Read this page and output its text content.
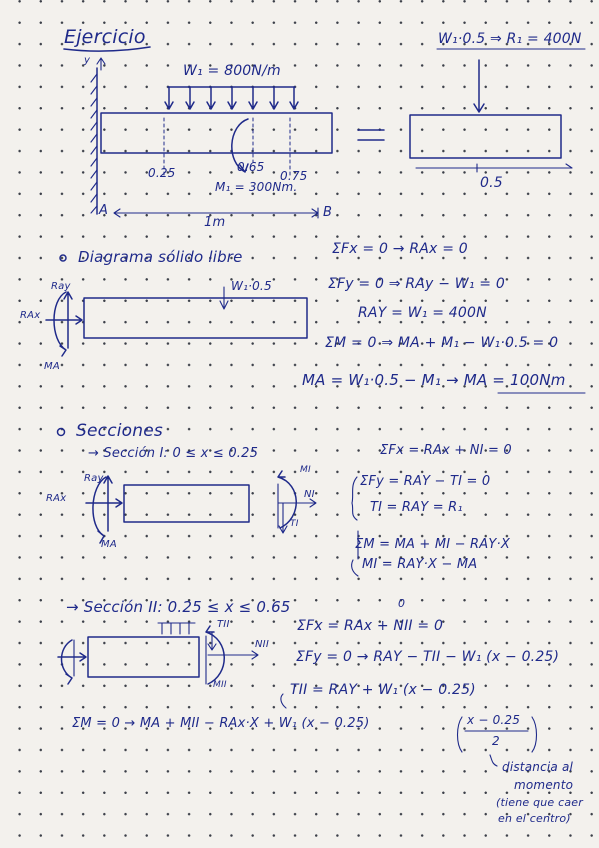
Ejercicio	W₁·0.5 ⇒ R₁ = 400N
y
W₁ = 800N/m
0.25	0.65
0.75
M₁ = 300Nm.
A	B
1m
0.5
Diagrama sólido libre
W₁·0.5
Ray
RAx
MA
ΣFx = 0 → RAx = 0
ΣFy = 0 ⇒ RAy − W₁ = 0
RAY = W₁ = 400N
ΣM = 0 ⇒ MA + M₁ − W₁·0.5 = 0
MA = W₁·0.5 − M₁ → MA = 100Nm
Secciones
→ Sección I: 0 ≤ x ≤ 0.25	ΣFx = RAx + NI = 0
Ray
RAx
MA
MI
NI
TI
ΣFy = RAY − TI = 0
TI = RAY = R₁
ΣM = MA + MI − RAY·X
MI = RAY·X − MA
→ Sección II: 0.25 ≤ x ≤ 0.65	0
TII
NII
MII
ΣFx = RAx + NII = 0
ΣFy = 0 → RAY − TII − W₁ (x − 0.25)
TII = RAY + W₁ (x − 0.25)
ΣM = 0 → MA + MII − RAx·X + W₁ (x − 0.25)	x − 0.25
2
distancia al
momento
(tiene que caer
en el centro)
